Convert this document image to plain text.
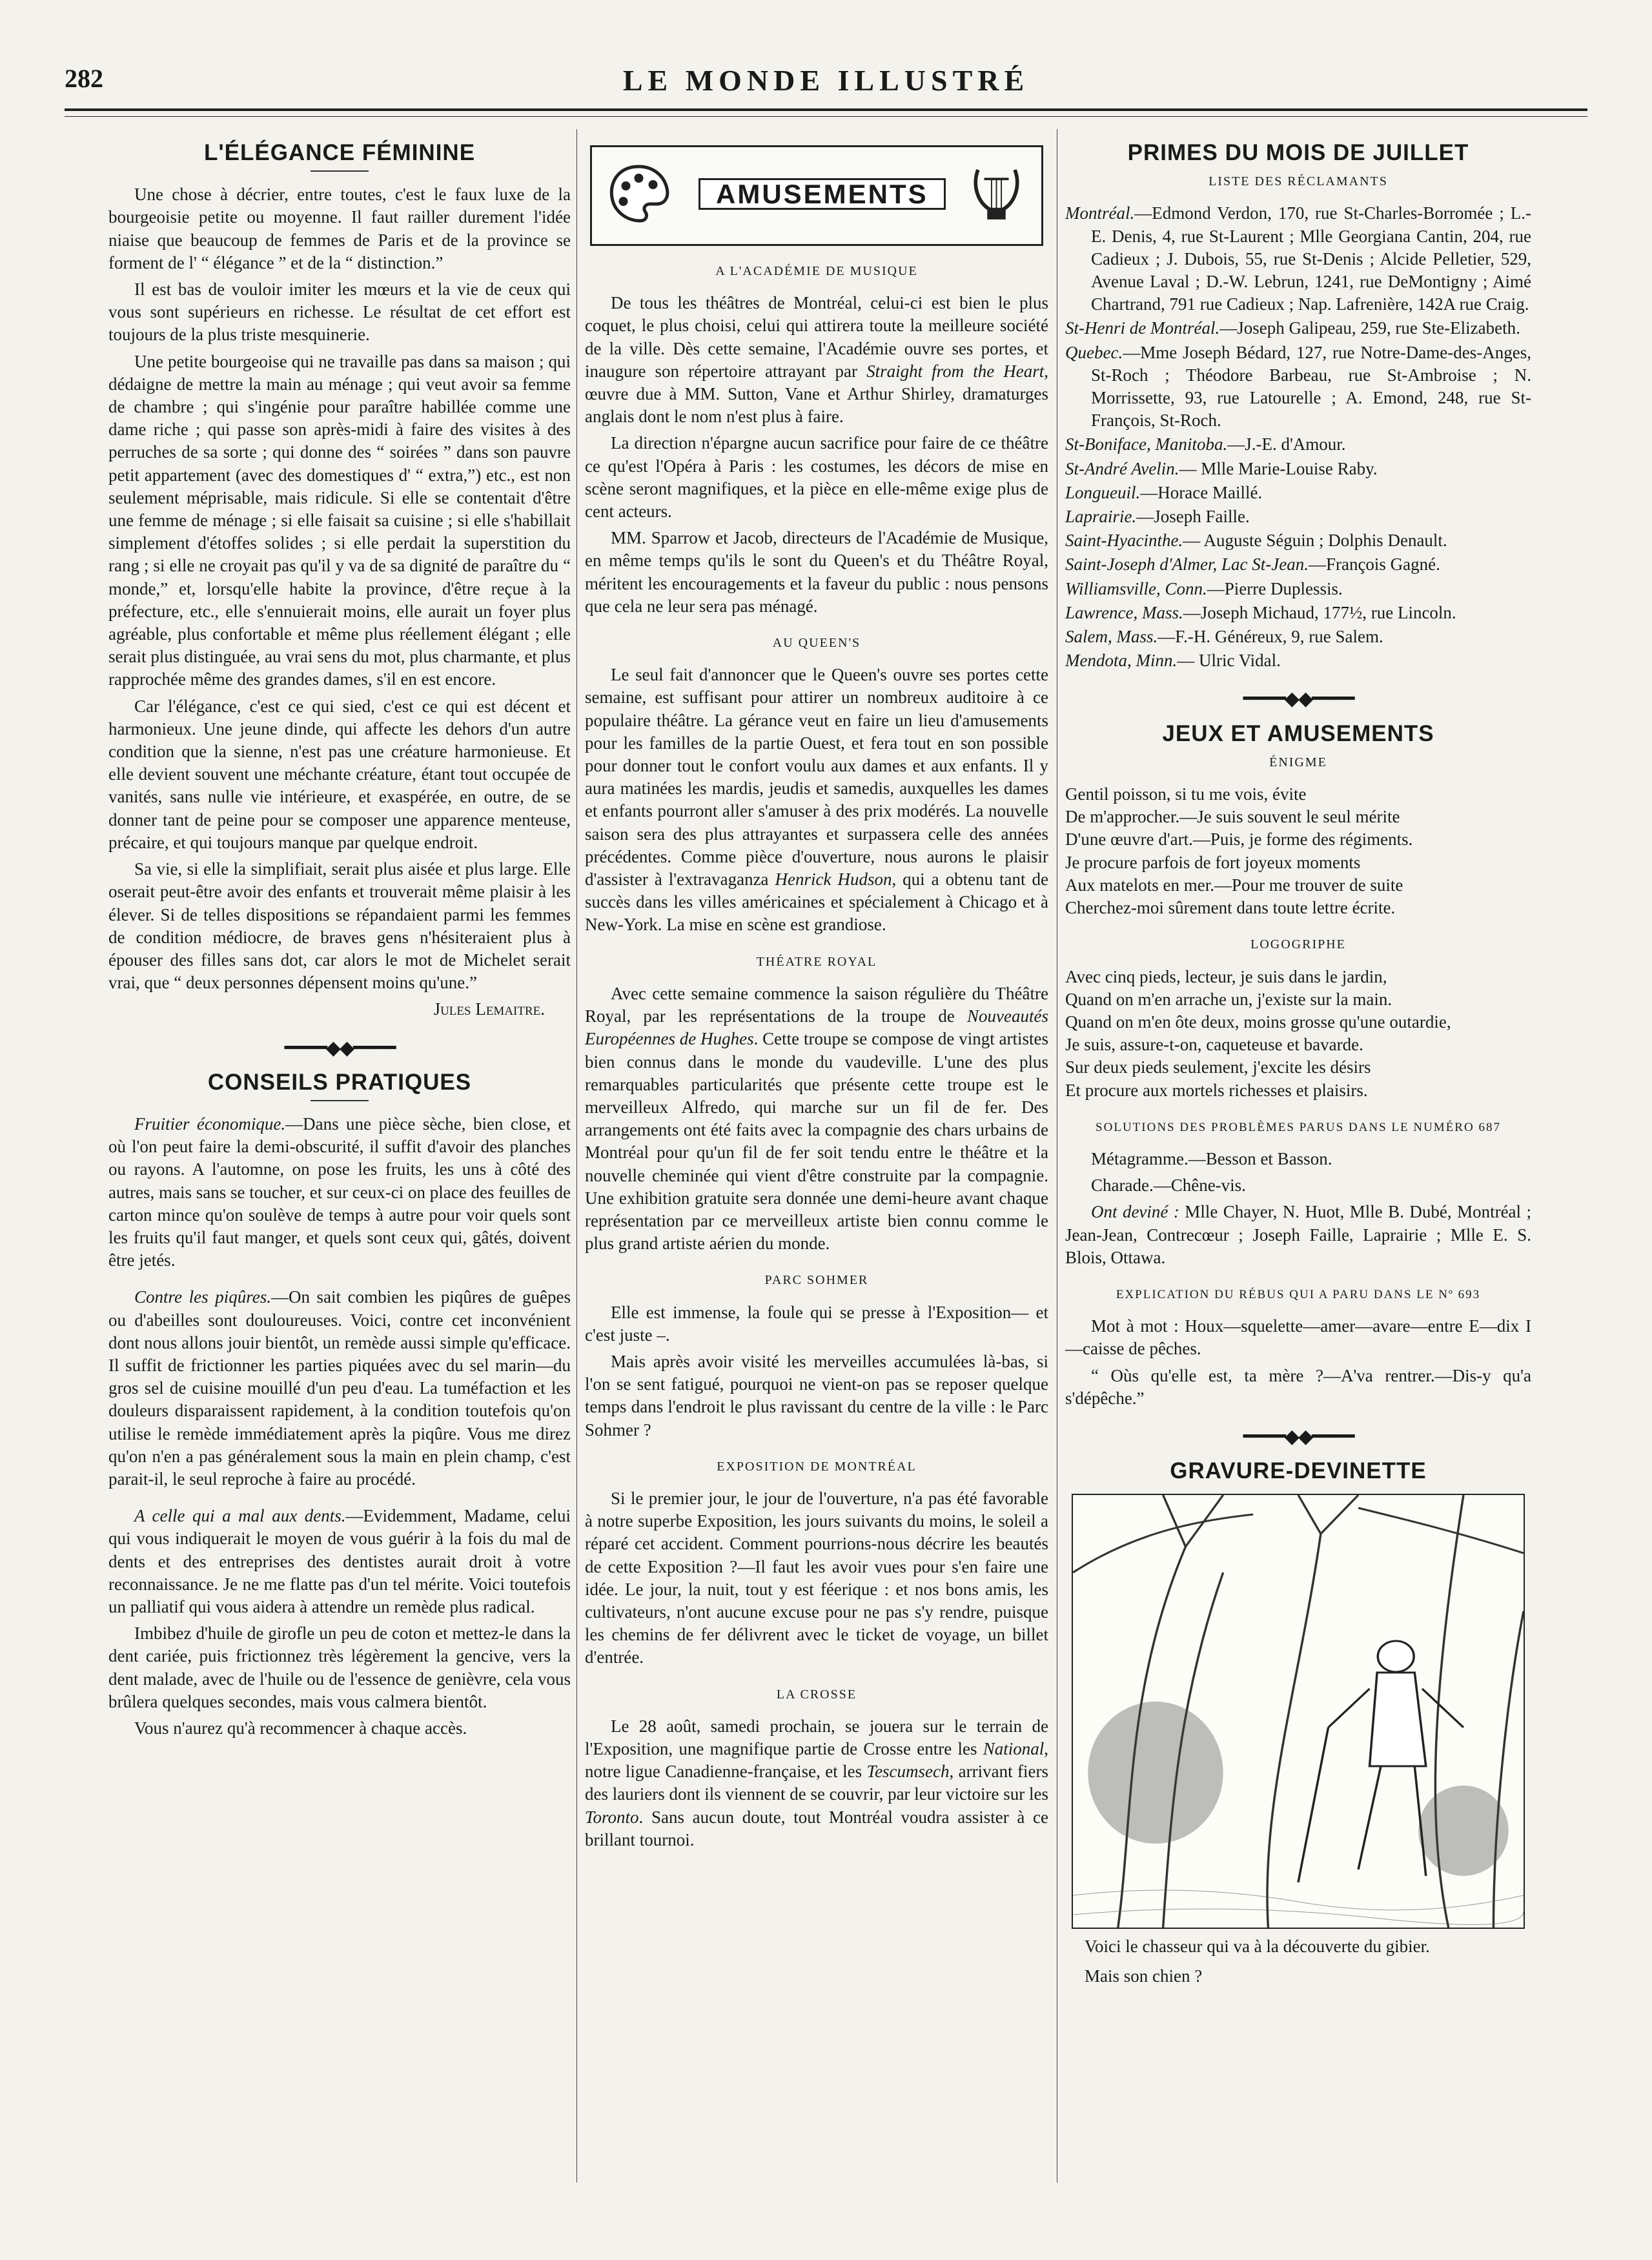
282	LE MONDE ILLUSTRÉ
L'ÉLÉGANCE FÉMININE

Une chose à décrier, entre toutes, c'est le faux luxe de la bourgeoisie petite ou moyenne. Il faut railler durement l'idée niaise que beaucoup de femmes de Paris et de la province se forment de l' “ élégance ” et de la “ distinction.”

Il est bas de vouloir imiter les mœurs et la vie de ceux qui vous sont supérieurs en richesse. Le résultat de cet effort est toujours de la plus triste mesquinerie.

Une petite bourgeoise qui ne travaille pas dans sa maison ; qui dédaigne de mettre la main au ménage ; qui veut avoir sa femme de chambre ; qui s'ingénie pour paraître habillée comme une dame riche ; qui passe son après-midi à faire des visites à des perruches de sa sorte ; qui donne des “ soirées ” dans son pauvre petit appartement (avec des domestiques d' “ extra,”) etc., est non seulement méprisable, mais ridicule. Si elle se contentait d'être une femme de ménage ; si elle faisait sa cuisine ; si elle s'habillait simplement d'étoffes solides ; si elle perdait la superstition du rang ; si elle ne croyait pas qu'il y va de sa dignité de paraître du “ monde,” et, lorsqu'elle habite la province, d'être reçue à la préfecture, etc., elle s'ennuierait moins, elle aurait un foyer plus agréable, plus confortable et même plus réellement élégant ; elle serait plus distinguée, au vrai sens du mot, plus charmante, et plus rapprochée même des grandes dames, s'il en est encore.

Car l'élégance, c'est ce qui sied, c'est ce qui est décent et harmonieux. Une jeune dinde, qui affecte les dehors d'un autre condition que la sienne, n'est pas une créature harmonieuse. Et elle devient souvent une méchante créature, étant tout occupée de vanités, sans nulle vie intérieure, et exaspérée, en outre, de se donner tant de peine pour se composer une apparence menteuse, précaire, et qui toujours manque par quelque endroit.

Sa vie, si elle la simplifiait, serait plus aisée et plus large. Elle oserait peut-être avoir des enfants et trouverait même plaisir à les élever. Si de telles dispositions se répandaient parmi les femmes de condition médiocre, de braves gens n'hésiteraient plus à épouser des filles sans dot, car alors le mot de Michelet serait vrai, que “ deux personnes dépensent moins qu'une.”

Jules Lemaitre.

━━━━◆◆━━━━
CONSEILS PRATIQUES

Fruitier économique.—Dans une pièce sèche, bien close, et où l'on peut faire la demi-obscurité, il suffit d'avoir des planches ou rayons. A l'automne, on pose les fruits, les uns à côté des autres, mais sans se toucher, et sur ceux-ci on place des feuilles de carton mince qu'on soulève de temps à autre pour voir quels sont les fruits qu'il faut manger, et quels sont ceux qui, gâtés, doivent être jetés.

Contre les piqûres.—On sait combien les piqûres de guêpes ou d'abeilles sont douloureuses. Voici, contre cet inconvénient dont nous allons jouir bientôt, un remède aussi simple qu'efficace. Il suffit de frictionner les parties piquées avec du sel marin—du gros sel de cuisine mouillé d'un peu d'eau. La tuméfaction et les douleurs disparaissent rapidement, à la condition toutefois qu'on utilise le remède immédiatement après la piqûre. Vous me direz qu'on n'en a pas généralement sous la main en plein champ, c'est parait-il, le seul reproche à faire au procédé.

A celle qui a mal aux dents.—Evidemment, Madame, celui qui vous indiquerait le moyen de vous guérir à la fois du mal de dents et des entreprises des dentistes aurait droit à votre reconnaissance. Je ne me flatte pas d'un tel mérite. Voici toutefois un palliatif qui vous aidera à attendre un remède plus radical.

Imbibez d'huile de girofle un peu de coton et mettez-le dans la dent cariée, puis frictionnez très légèrement la gencive, vers la dent malade, avec de l'huile ou de l'essence de genièvre, cela vous brûlera quelques secondes, mais vous calmera bientôt.

Vous n'aurez qu'à recommencer à chaque accès.

AMUSEMENTS

A L'ACADÉMIE DE MUSIQUE

De tous les théâtres de Montréal, celui-ci est bien le plus coquet, le plus choisi, celui qui attirera toute la meilleure société de la ville. Dès cette semaine, l'Académie ouvre ses portes, et inaugure son répertoire attrayant par Straight from the Heart, œuvre due à MM. Sutton, Vane et Arthur Shirley, dramaturges anglais dont le nom n'est plus à faire.

La direction n'épargne aucun sacrifice pour faire de ce théâtre ce qu'est l'Opéra à Paris : les costumes, les décors de mise en scène seront magnifiques, et la pièce en elle-même exige plus de cent acteurs.

MM. Sparrow et Jacob, directeurs de l'Académie de Musique, en même temps qu'ils le sont du Queen's et du Théâtre Royal, méritent les encouragements et la faveur du public : nous pensons que cela ne leur sera pas ménagé.

AU QUEEN'S

Le seul fait d'annoncer que le Queen's ouvre ses portes cette semaine, est suffisant pour attirer un nombreux auditoire à ce populaire théâtre. La gérance veut en faire un lieu d'amusements pour les familles de la partie Ouest, et fera tout en son possible pour donner tout le confort voulu aux dames et aux enfants. Il y aura matinées les mardis, jeudis et samedis, auxquelles les dames et enfants pourront aller s'amuser à des prix modérés. La nouvelle saison sera des plus attrayantes et surpassera celle des années précédentes. Comme pièce d'ouverture, nous aurons le plaisir d'assister à l'extravaganza Henrick Hudson, qui a obtenu tant de succès dans les villes américaines et spécialement à Chicago et à New-York. La mise en scène est grandiose.

THÉATRE ROYAL

Avec cette semaine commence la saison régulière du Théâtre Royal, par les représentations de la troupe de Nouveautés Européennes de Hughes. Cette troupe se compose de vingt artistes bien connus dans le monde du vaudeville. L'une des plus remarquables particularités que présente cette troupe est le merveilleux Alfredo, qui marche sur un fil de fer. Des arrangements ont été faits avec la compagnie des chars urbains de Montréal pour qu'un fil de fer soit tendu entre le théâtre et la nouvelle cheminée qui vient d'être construite par la compagnie. Une exhibition gratuite sera donnée une demi-heure avant chaque représentation par ce merveilleux artiste bien connu comme le plus grand artiste aérien du monde.

PARC SOHMER

Elle est immense, la foule qui se presse à l'Exposition— et c'est juste –.

Mais après avoir visité les merveilles accumulées là-bas, si l'on se sent fatigué, pourquoi ne vient-on pas se reposer quelque temps dans l'endroit le plus ravissant du centre de la ville : le Parc Sohmer ?

EXPOSITION DE MONTRÉAL

Si le premier jour, le jour de l'ouverture, n'a pas été favorable à notre superbe Exposition, les jours suivants du moins, le soleil a réparé cet accident. Comment pourrions-nous décrire les beautés de cette Exposition ?—Il faut les avoir vues pour s'en faire une idée. Le jour, la nuit, tout y est féerique : et nos bons amis, les cultivateurs, n'ont aucune excuse pour ne pas s'y rendre, puisque les chemins de fer délivrent avec le ticket de voyage, un billet d'entrée.

LA CROSSE

Le 28 août, samedi prochain, se jouera sur le terrain de l'Exposition, une magnifique partie de Crosse entre les National, notre ligue Canadienne-française, et les Tescumsech, arrivant fiers des lauriers dont ils viennent de se couvrir, par leur victoire sur les Toronto. Sans aucun doute, tout Montréal voudra assister à ce brillant tournoi.

PRIMES DU MOIS DE JUILLET

LISTE DES RÉCLAMANTS

Montréal.—Edmond Verdon, 170, rue St-Charles-Borromée ; L.-E. Denis, 4, rue St-Laurent ; Mlle Georgiana Cantin, 204, rue Cadieux ; J. Dubois, 55, rue St-Denis ; Alcide Pelletier, 529, Avenue Laval ; D.-W. Lebrun, 1241, rue DeMontigny ; Aimé Chartrand, 791 rue Cadieux ; Nap. Lafrenière, 142A rue Craig.

St-Henri de Montréal.—Joseph Galipeau, 259, rue Ste-Elizabeth.

Quebec.—Mme Joseph Bédard, 127, rue Notre-Dame-des-Anges, St-Roch ; Théodore Barbeau, rue St-Ambroise ; N. Morrissette, 93, rue Latourelle ; A. Emond, 248, rue St-François, St-Roch.

St-Boniface, Manitoba.—J.-E. d'Amour.

St-André Avelin.— Mlle Marie-Louise Raby.

Longueuil.—Horace Maillé.

Laprairie.—Joseph Faille.

Saint-Hyacinthe.— Auguste Séguin ; Dolphis Denault.

Saint-Joseph d'Almer, Lac St-Jean.—François Gagné.

Williamsville, Conn.—Pierre Duplessis.

Lawrence, Mass.—Joseph Michaud, 177½, rue Lincoln.

Salem, Mass.—F.-H. Généreux, 9, rue Salem.

Mendota, Minn.— Ulric Vidal.

━━━━◆◆━━━━
JEUX ET AMUSEMENTS

ÉNIGME

Gentil poisson, si tu me vois, évite

De m'approcher.—Je suis souvent le seul mérite

D'une œuvre d'art.—Puis, je forme des régiments.

Je procure parfois de fort joyeux moments

Aux matelots en mer.—Pour me trouver de suite

Cherchez-moi sûrement dans toute lettre écrite.

LOGOGRIPHE

Avec cinq pieds, lecteur, je suis dans le jardin,

Quand on m'en arrache un, j'existe sur la main.

Quand on m'en ôte deux, moins grosse qu'une outardie,

Je suis, assure-t-on, caqueteuse et bavarde.

Sur deux pieds seulement, j'excite les désirs

Et procure aux mortels richesses et plaisirs.

SOLUTIONS DES PROBLÈMES PARUS DANS LE NUMÉRO 687

Métagramme.—Besson et Basson.

Charade.—Chêne-vis.

Ont deviné : Mlle Chayer, N. Huot, Mlle B. Dubé, Montréal ; Jean-Jean, Contrecœur ; Joseph Faille, Laprairie ; Mlle E. S. Blois, Ottawa.

EXPLICATION DU RÉBUS QUI A PARU DANS LE Nº 693

Mot à mot : Houx—squelette—amer—avare—entre E—dix I—caisse de pêches.

“ Oùs qu'elle est, ta mère ?—A'va rentrer.—Dis-y qu'a s'dépêche.”

━━━━◆◆━━━━
GRAVURE-DEVINETTE

Voici le chasseur qui va à la découverte du gibier.

Mais son chien ?
